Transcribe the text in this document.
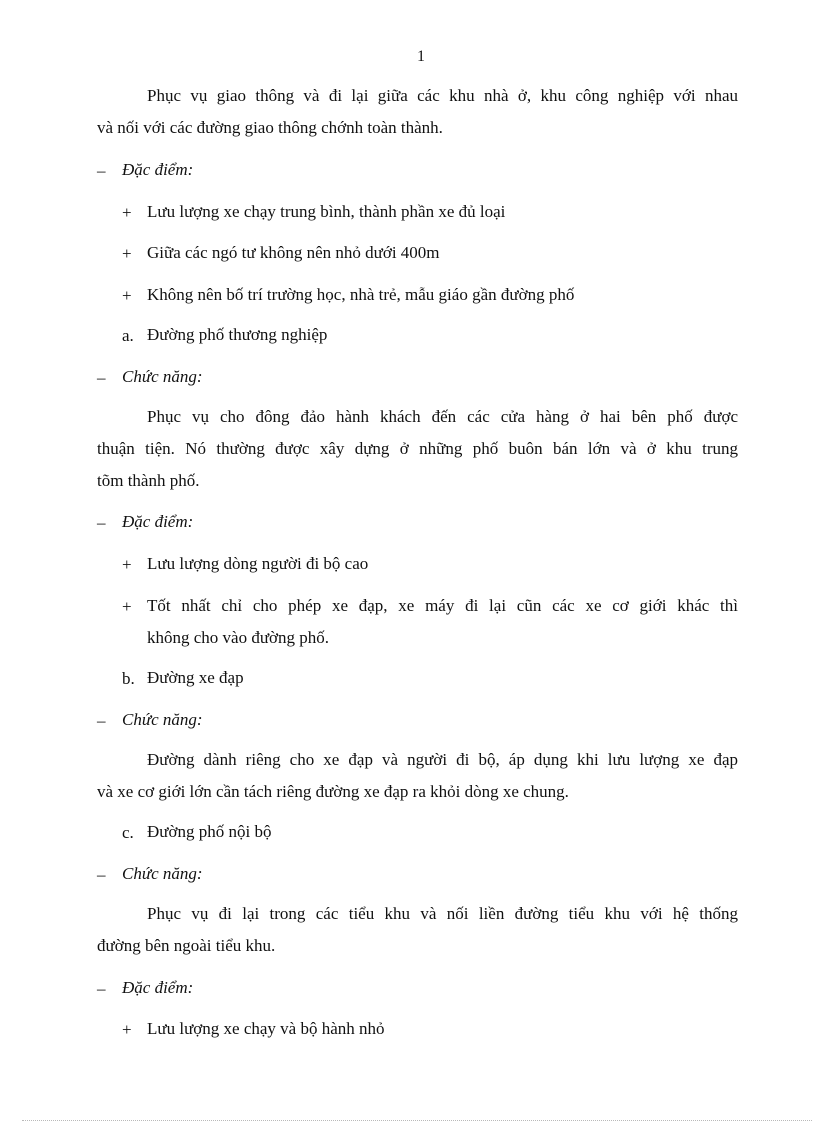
1
Phục vụ giao thông và đi lại giữa các khu nhà ở, khu công nghiệp với nhau
và nối với các đường giao thông chớnh toàn thành.
– Đặc điểm:
+ Lưu lượng xe chạy trung bình, thành phần xe đủ loại
+ Giữa các ngó tư không nên nhỏ dưới 400m
+ Không nên bố trí trường học, nhà trẻ, mẫu giáo gần đường phố
a. Đường phố thương nghiệp
– Chức năng:
Phục vụ cho đông đảo hành khách đến các cửa hàng ở hai bên phố được
thuận tiện. Nó thường được xây dựng ở những phố buôn bán lớn và ở khu trung
tõm thành phố.
– Đặc điểm:
+ Lưu lượng dòng người đi bộ cao
+ Tốt nhất chỉ cho phép xe đạp, xe máy đi lại cũn các xe cơ giới khác thì
không cho vào đường phố.
b. Đường xe đạp
– Chức năng:
Đường dành riêng cho xe đạp và người đi bộ, áp dụng khi lưu lượng xe đạp
và xe cơ giới lớn cần tách riêng đường xe đạp ra khỏi dòng xe chung.
c. Đường phố nội bộ
– Chức năng:
Phục vụ đi lại trong các tiểu khu và nối liền đường tiểu khu với hệ thống
đường bên ngoài tiểu khu.
– Đặc điểm:
+ Lưu lượng xe chạy và bộ hành nhỏ
